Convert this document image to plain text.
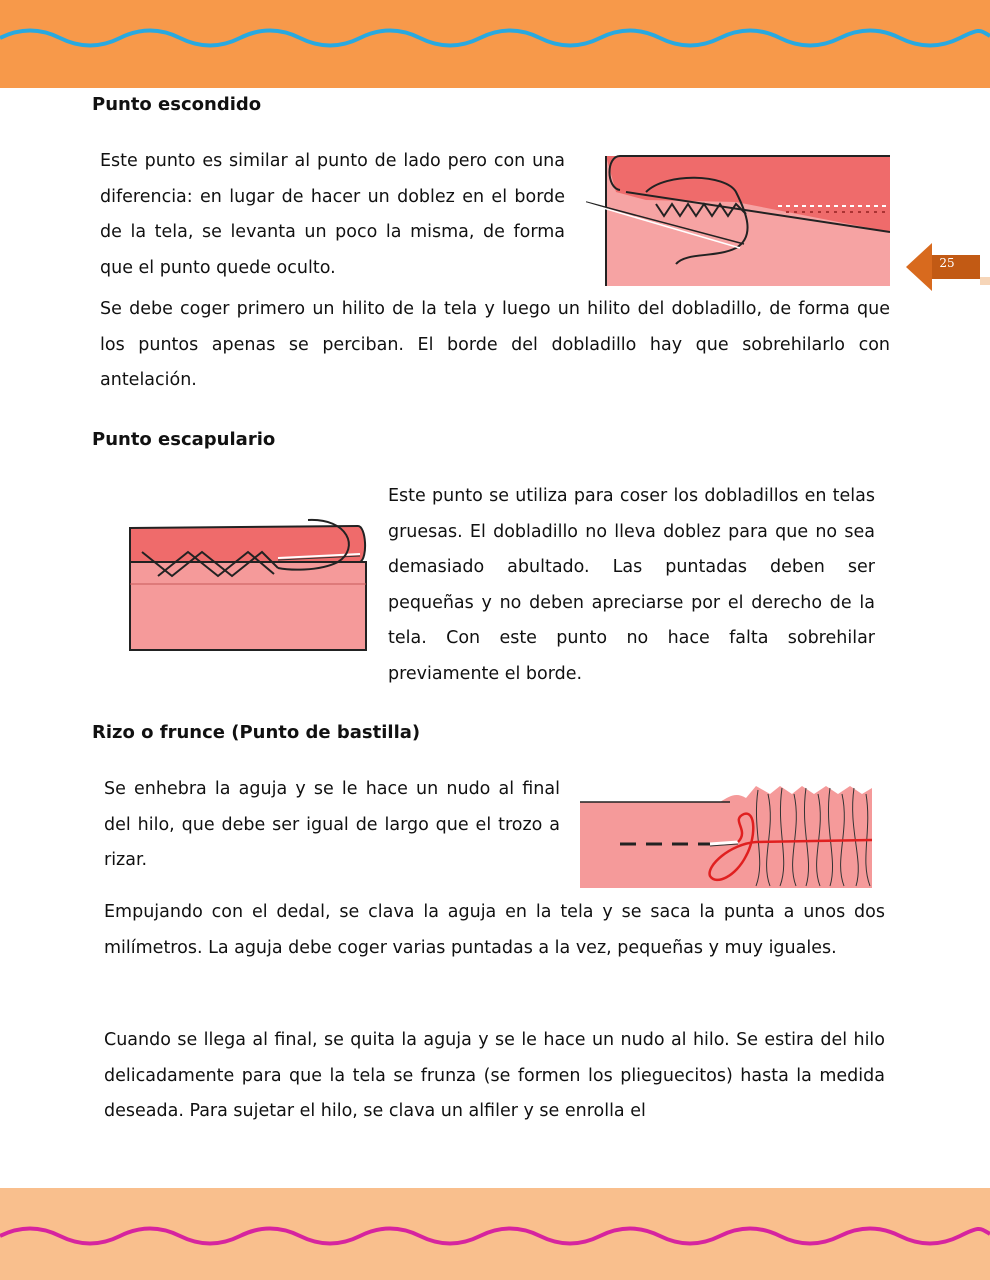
25
Punto escondido

Este punto es similar al punto de lado pero con una diferencia: en lugar de hacer un doblez en el borde de la tela, se levanta un poco la misma, de forma que el punto quede oculto.

Se debe coger primero un hilito de la tela y luego un hilito del dobladillo, de forma que los puntos apenas se perciban. El borde del dobladillo hay que sobrehilarlo con antelación.

Punto escapulario

Este punto se utiliza para coser los dobladillos en telas gruesas. El dobladillo no lleva doblez para que no sea demasiado abultado. Las puntadas deben ser pequeñas y no deben apreciarse por el derecho de la tela. Con este punto no hace falta sobrehilar previamente el borde.

Rizo o frunce (Punto de bastilla)

Se enhebra la aguja y se le hace un nudo al final del hilo, que debe ser igual de largo que el trozo a rizar.

Empujando con el dedal, se clava la aguja en la tela y se saca la punta a unos dos milímetros. La aguja debe coger varias puntadas a la vez, pequeñas y muy iguales.

Cuando se llega al final, se quita la aguja y se le hace un nudo al hilo. Se estira del hilo delicadamente para que la tela se frunza (se formen los plieguecitos) hasta la medida deseada. Para sujetar el hilo, se clava un alfiler y se enrolla el
